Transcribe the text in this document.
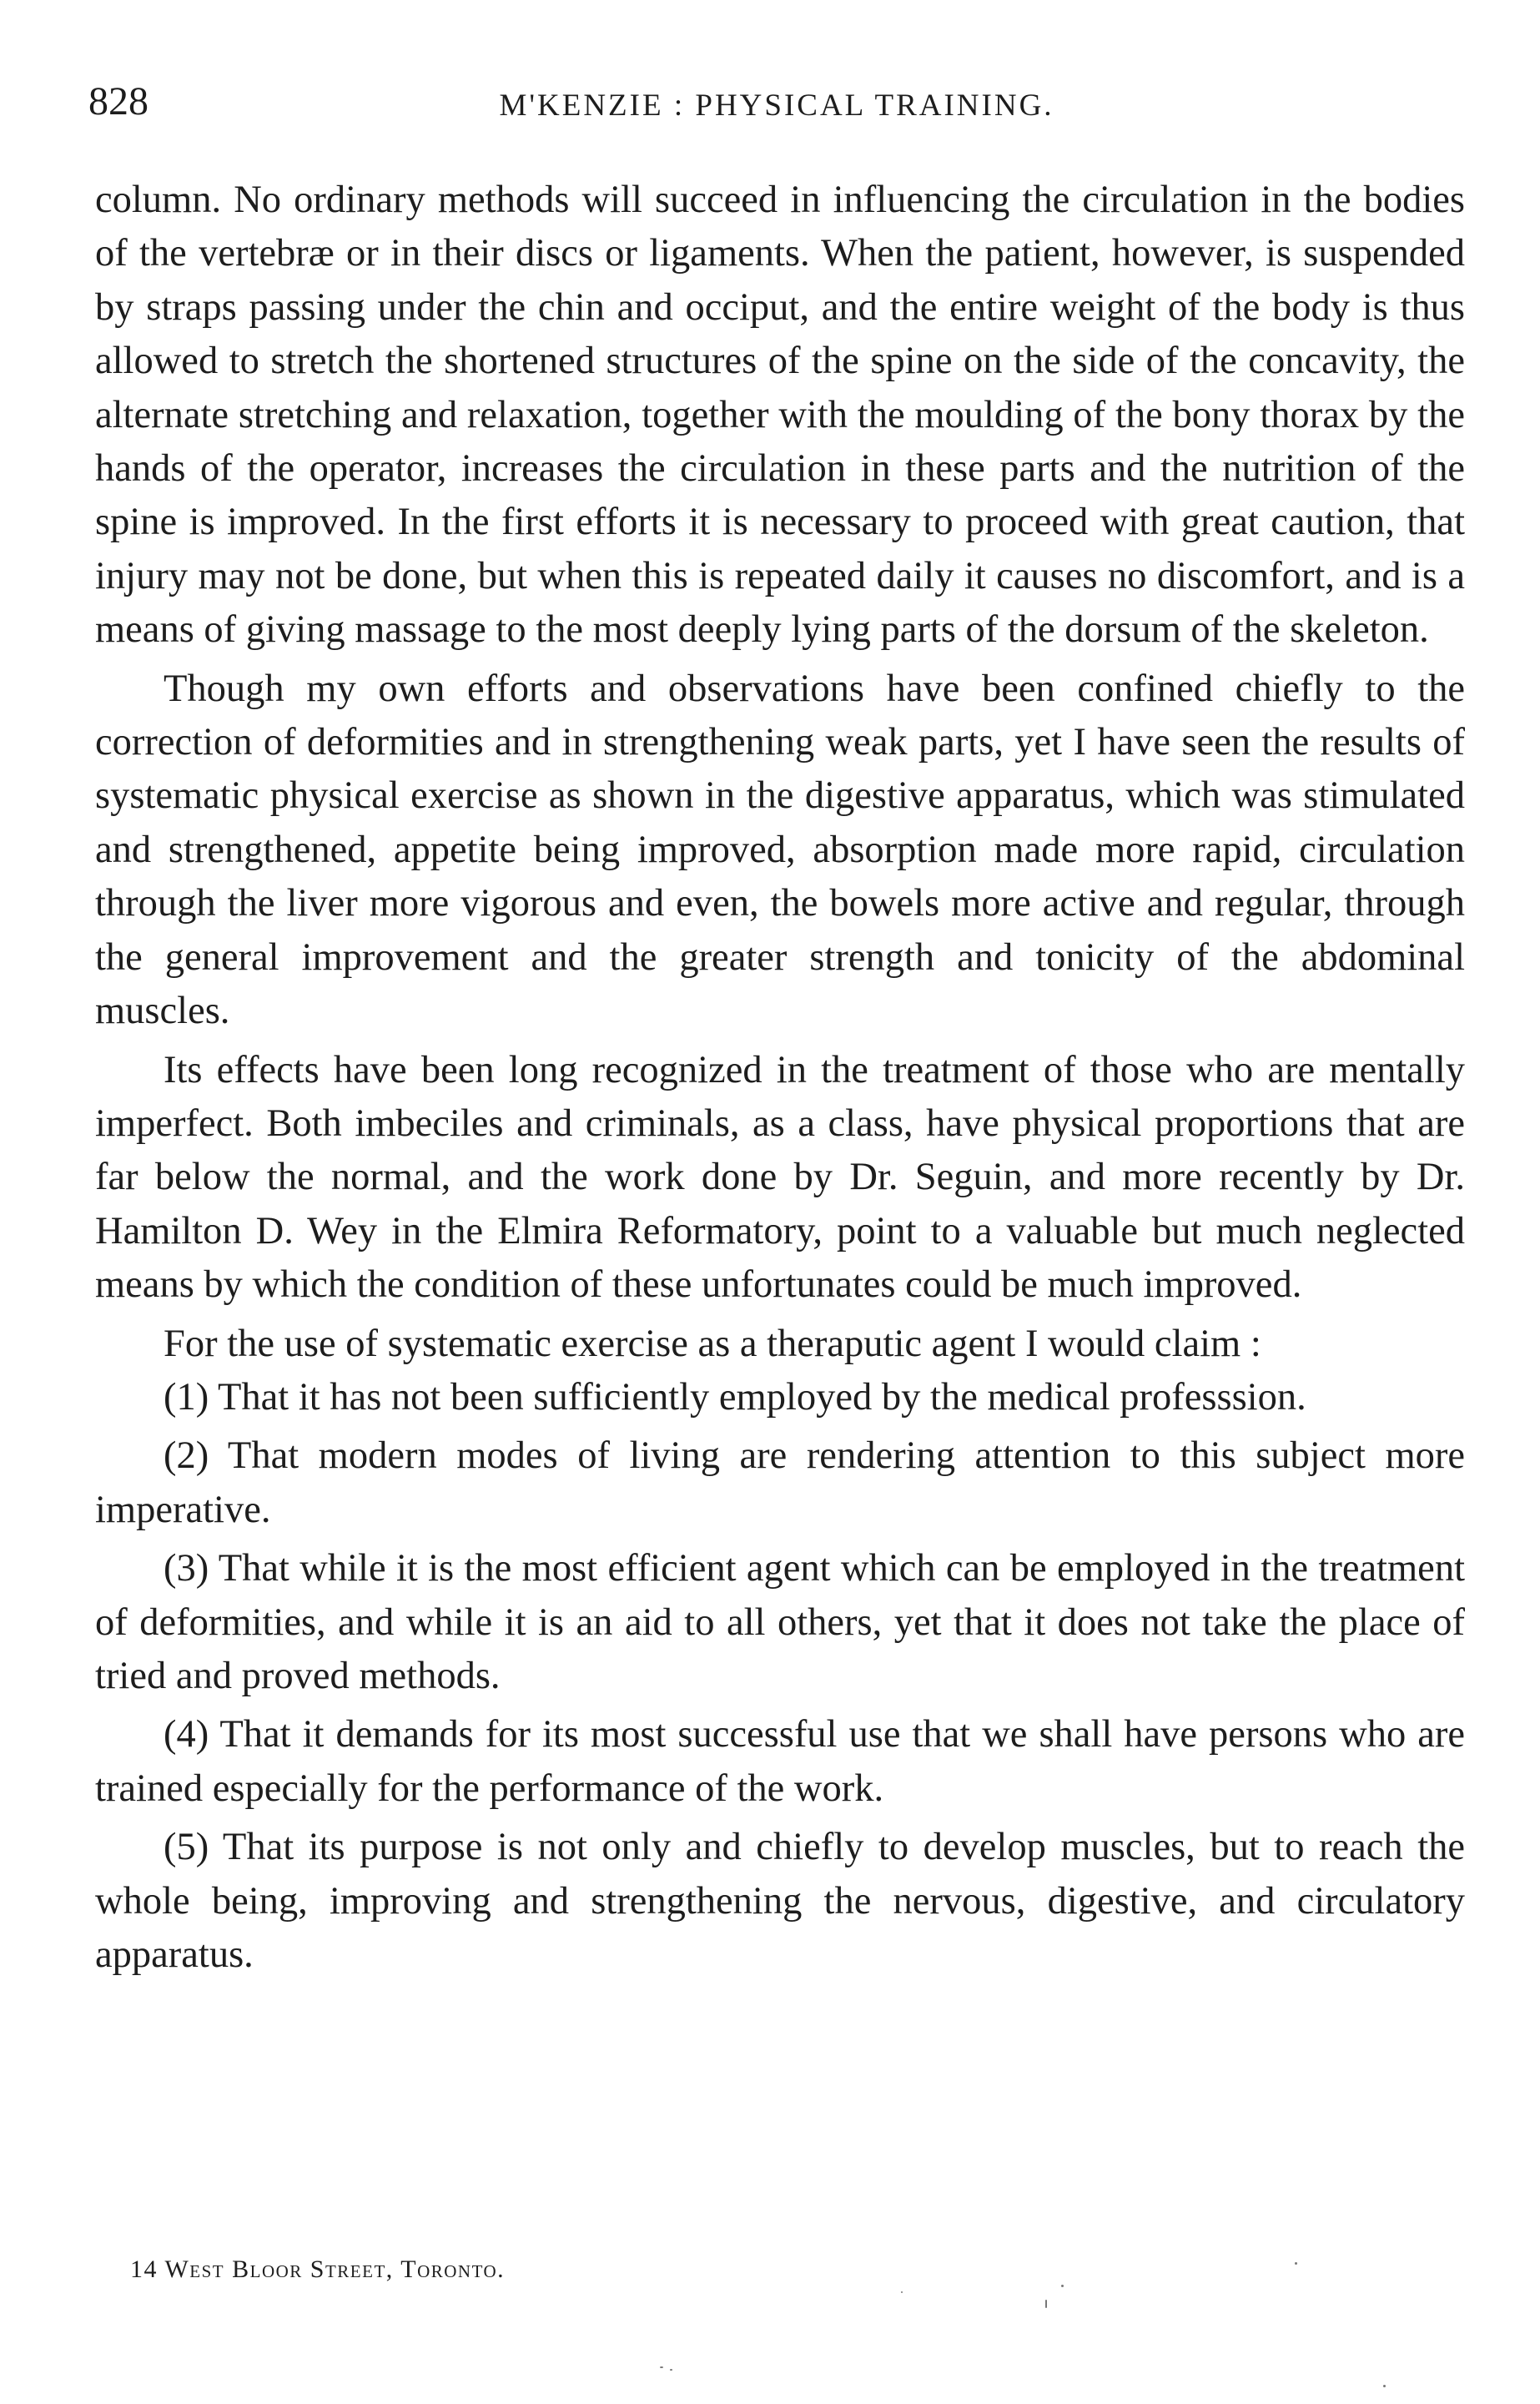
828	M'KENZIE : PHYSICAL TRAINING.

column. No ordinary methods will succeed in influencing the circulation in the bodies of the vertebræ or in their discs or ligaments. When the patient, however, is suspended by straps passing under the chin and occiput, and the entire weight of the body is thus allowed to stretch the shortened structures of the spine on the side of the concavity, the alternate stretching and relaxation, together with the moulding of the bony thorax by the hands of the operator, increases the circulation in these parts and the nutrition of the spine is improved. In the first efforts it is necessary to proceed with great caution, that injury may not be done, but when this is repeated daily it causes no discomfort, and is a means of giving massage to the most deeply lying parts of the dorsum of the skeleton.

Though my own efforts and observations have been confined chiefly to the correction of deformities and in strengthening weak parts, yet I have seen the results of systematic physical exercise as shown in the digestive apparatus, which was stimulated and strengthened, appetite being improved, absorption made more rapid, circulation through the liver more vigorous and even, the bowels more active and regular, through the general improvement and the greater strength and tonicity of the abdominal muscles.

Its effects have been long recognized in the treatment of those who are mentally imperfect. Both imbeciles and criminals, as a class, have physical proportions that are far below the normal, and the work done by Dr. Seguin, and more recently by Dr. Hamilton D. Wey in the Elmira Reformatory, point to a valuable but much neglected means by which the condition of these unfortunates could be much improved.

For the use of systematic exercise as a theraputic agent I would claim :

(1) That it has not been sufficiently employed by the medical professsion.

(2) That modern modes of living are rendering attention to this subject more imperative.

(3) That while it is the most efficient agent which can be employed in the treatment of deformities, and while it is an aid to all others, yet that it does not take the place of tried and proved methods.

(4) That it demands for its most successful use that we shall have persons who are trained especially for the performance of the work.

(5) That its purpose is not only and chiefly to develop muscles, but to reach the whole being, improving and strengthening the nervous, digestive, and circulatory apparatus.

14 West Bloor Street, Toronto.
